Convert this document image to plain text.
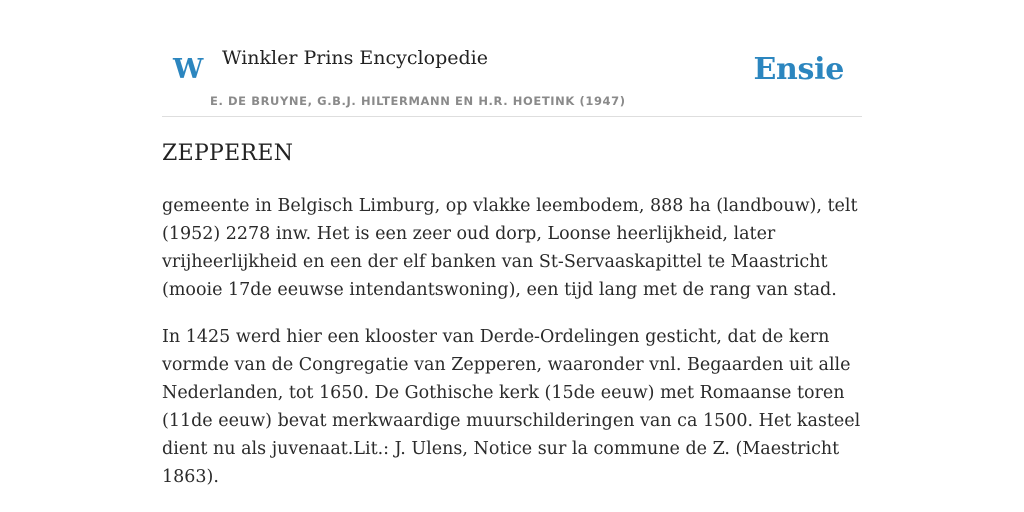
W Winkler Prins Encyclopedie
E. DE BRUYNE, G.B.J. HILTERMANN EN H.R. HOETINK (1947)
Ensie
ZEPPEREN

gemeente in Belgisch Limburg, op vlakke leembodem, 888 ha (landbouw), telt (1952) 2278 inw. Het is een zeer oud dorp, Loonse heerlijkheid, later vrijheerlijkheid en een der elf banken van St-Servaaskapittel te Maastricht (mooie 17de eeuwse intendantswoning), een tijd lang met de rang van stad.

In 1425 werd hier een klooster van Derde-Ordelingen gesticht, dat de kern vormde van de Congregatie van Zepperen, waaronder vnl. Begaarden uit alle Nederlanden, tot 1650. De Gothische kerk (15de eeuw) met Romaanse toren (11de eeuw) bevat merkwaardige muurschilderingen van ca 1500. Het kasteel dient nu als juvenaat.Lit.: J. Ulens, Notice sur la commune de Z. (Maestricht 1863).
